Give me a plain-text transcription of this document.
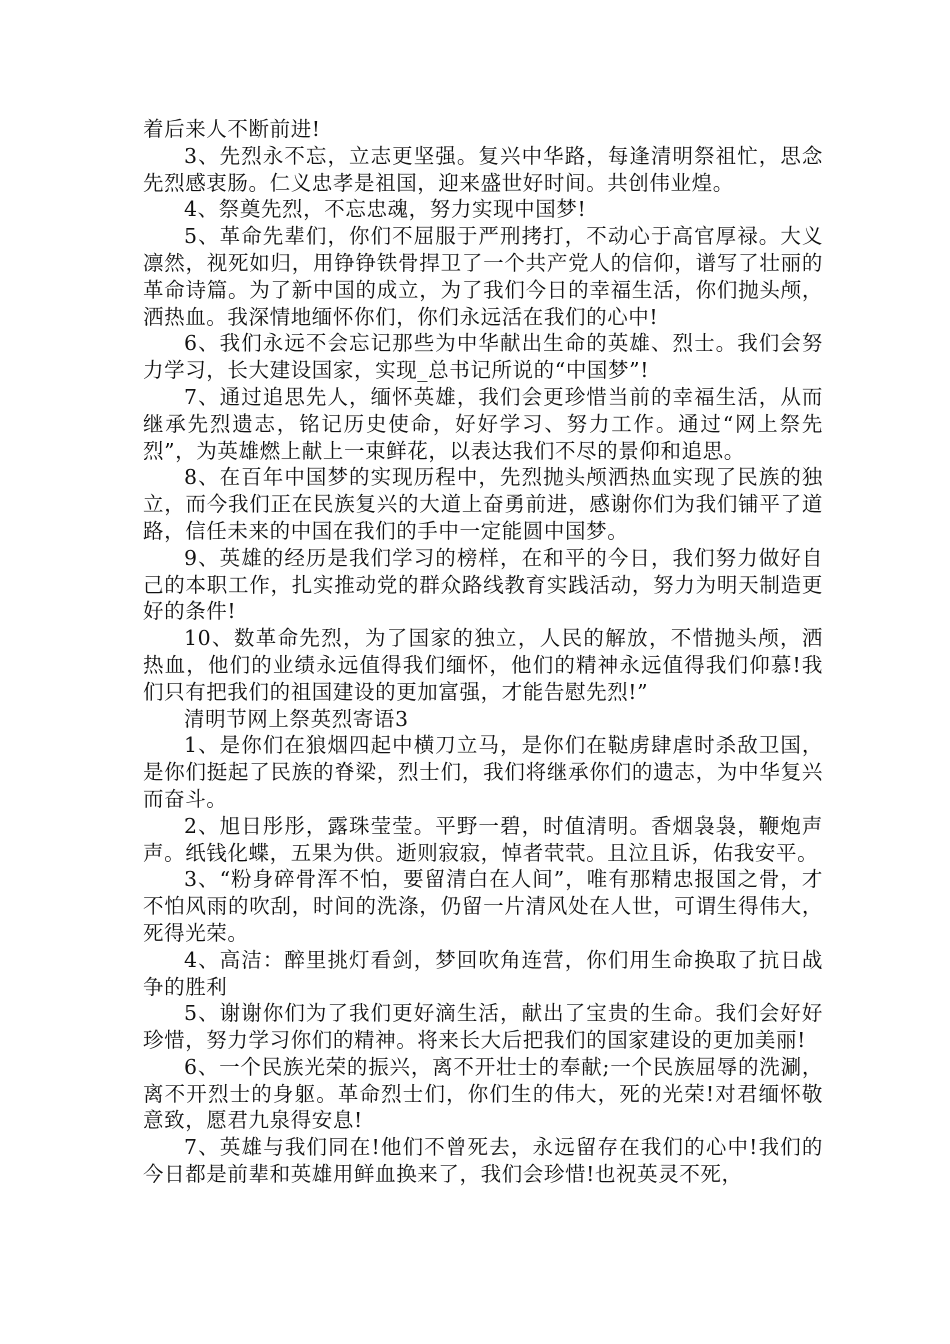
着后来人不断前进!

3、先烈永不忘，立志更坚强。复兴中华路，每逢清明祭祖忙，思念先烈感衷肠。仁义忠孝是祖国，迎来盛世好时间。共创伟业煌。

4、祭奠先烈，不忘忠魂，努力实现中国梦!

5、革命先辈们，你们不屈服于严刑拷打，不动心于高官厚禄。大义凛然，视死如归，用铮铮铁骨捍卫了一个共产党人的信仰，谱写了壮丽的革命诗篇。为了新中国的成立，为了我们今日的幸福生活，你们抛头颅，洒热血。我深情地缅怀你们，你们永远活在我们的心中!

6、我们永远不会忘记那些为中华献出生命的英雄、烈士。我们会努力学习，长大建设国家，实现_总书记所说的“中国梦”!

7、通过追思先人，缅怀英雄，我们会更珍惜当前的幸福生活，从而继承先烈遗志，铭记历史使命，好好学习、努力工作。通过“网上祭先烈”，为英雄燃上献上一束鲜花，以表达我们不尽的景仰和追思。

8、在百年中国梦的实现历程中，先烈抛头颅洒热血实现了民族的独立，而今我们正在民族复兴的大道上奋勇前进，感谢你们为我们铺平了道路，信任未来的中国在我们的手中一定能圆中国梦。

9、英雄的经历是我们学习的榜样，在和平的今日，我们努力做好自己的本职工作，扎实推动党的群众路线教育实践活动，努力为明天制造更好的条件!

10、数革命先烈，为了国家的独立，人民的解放，不惜抛头颅，洒热血，他们的业绩永远值得我们缅怀，他们的精神永远值得我们仰慕!我们只有把我们的祖国建设的更加富强，才能告慰先烈!”

清明节网上祭英烈寄语3

1、是你们在狼烟四起中横刀立马，是你们在鞑虏肆虐时杀敌卫国，是你们挺起了民族的脊梁，烈士们，我们将继承你们的遗志，为中华复兴而奋斗。

2、旭日彤彤，露珠莹莹。平野一碧，时值清明。香烟袅袅，鞭炮声声。纸钱化蝶，五果为供。逝则寂寂，悼者茕茕。且泣且诉，佑我安平。

3、“粉身碎骨浑不怕，要留清白在人间”，唯有那精忠报国之骨，才不怕风雨的吹刮，时间的洗涤，仍留一片清风处在人世，可谓生得伟大，死得光荣。

4、高洁：醉里挑灯看剑，梦回吹角连营，你们用生命换取了抗日战争的胜利

5、谢谢你们为了我们更好滴生活，献出了宝贵的生命。我们会好好珍惜，努力学习你们的精神。将来长大后把我们的国家建设的更加美丽!

6、一个民族光荣的振兴，离不开壮士的奉献;一个民族屈辱的洗涮，离不开烈士的身躯。革命烈士们，你们生的伟大，死的光荣!对君缅怀敬意致，愿君九泉得安息!

7、英雄与我们同在!他们不曾死去，永远留存在我们的心中!我们的今日都是前辈和英雄用鲜血换来了，我们会珍惜!也祝英灵不死，
